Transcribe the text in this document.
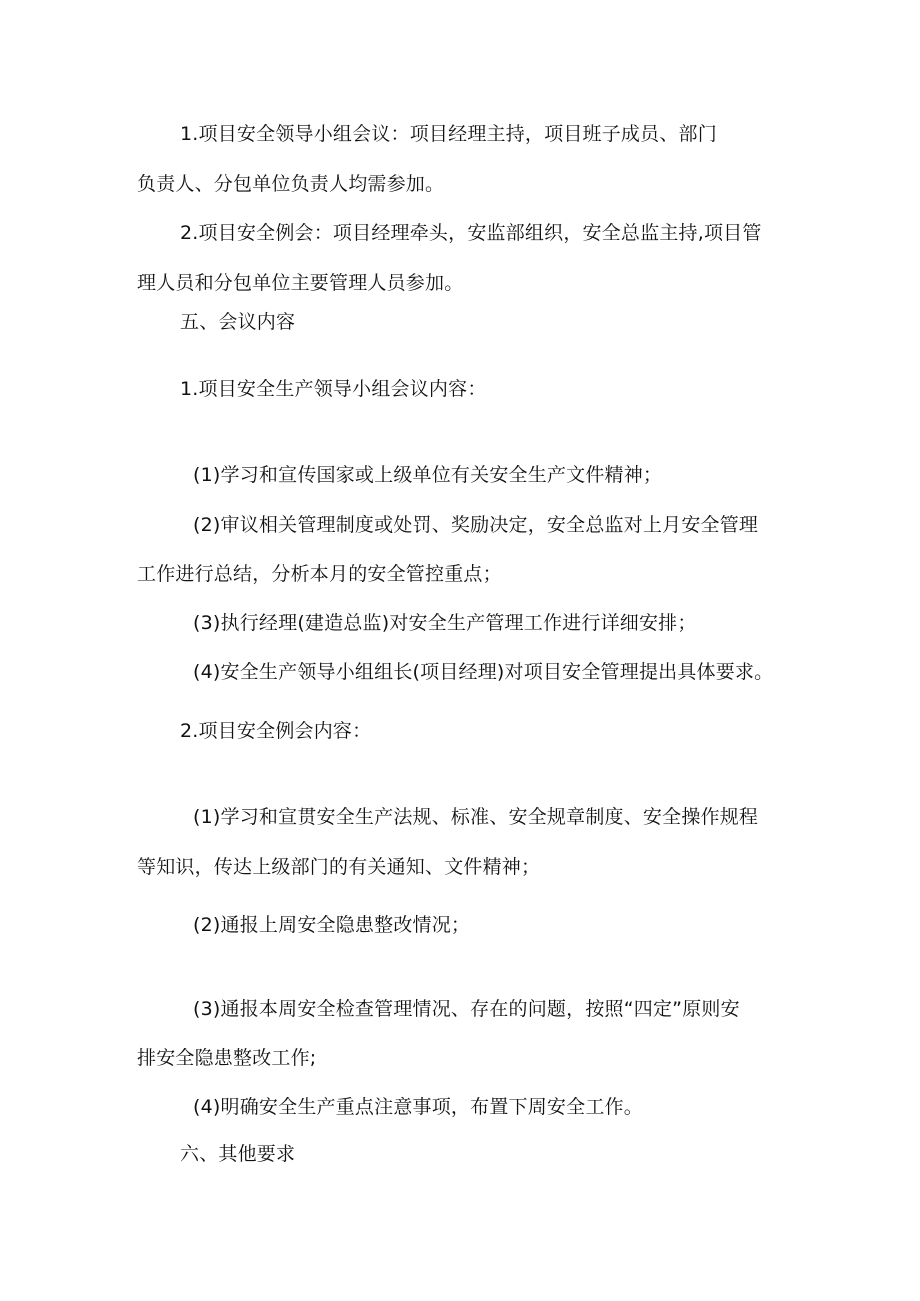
1.项目安全领导小组会议：项目经理主持，项目班子成员、部门
负责人、分包单位负责人均需参加。
2.项目安全例会：项目经理牵头，安监部组织，安全总监主持,项目管
理人员和分包单位主要管理人员参加。
五、会议内容
1.项目安全生产领导小组会议内容：
(1)学习和宣传国家或上级单位有关安全生产文件精神；
(2)审议相关管理制度或处罚、奖励决定，安全总监对上月安全管理
工作进行总结，分析本月的安全管控重点；
(3)执行经理(建造总监)对安全生产管理工作进行详细安排；
(4)安全生产领导小组组长(项目经理)对项目安全管理提出具体要求。
2.项目安全例会内容：
(1)学习和宣贯安全生产法规、标准、安全规章制度、安全操作规程
等知识，传达上级部门的有关通知、文件精神；
(2)通报上周安全隐患整改情况；
(3)通报本周安全检查管理情况、存在的问题，按照“四定”原则安
排安全隐患整改工作;
(4)明确安全生产重点注意事项，布置下周安全工作。
六、其他要求
